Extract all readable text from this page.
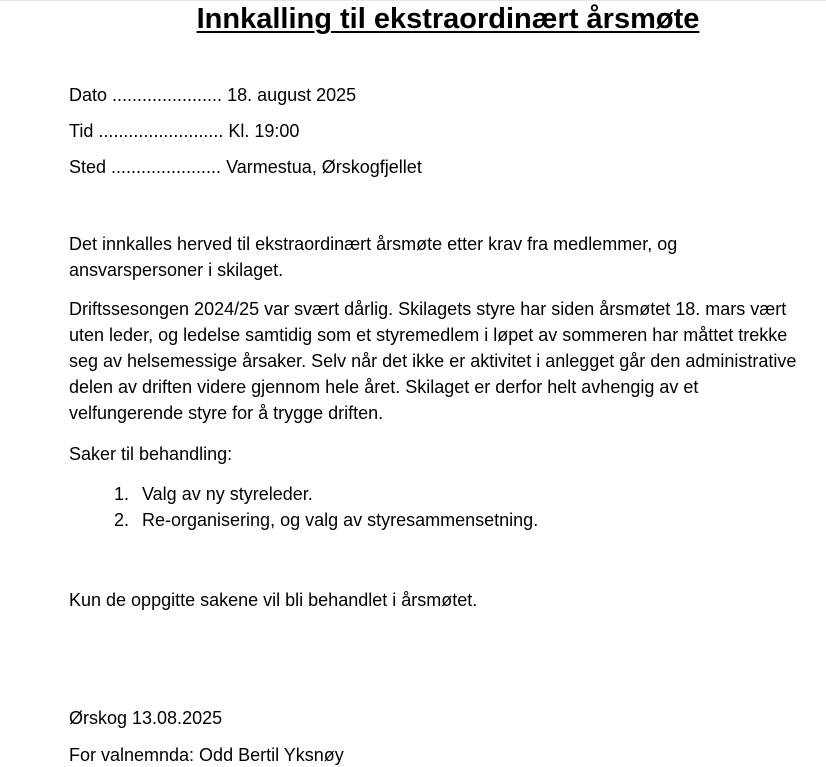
Innkalling til ekstraordinært årsmøte
Dato ...................... 18. august 2025
Tid ......................... Kl. 19:00
Sted ...................... Varmestua, Ørskogfjellet
Det innkalles herved til ekstraordinært årsmøte etter krav fra medlemmer, og ansvarspersoner i skilaget.
Driftssesongen 2024/25 var svært dårlig. Skilagets styre har siden årsmøtet 18. mars vært uten leder, og ledelse samtidig som et styremedlem i løpet av sommeren har måttet trekke seg av helsemessige årsaker. Selv når det ikke er aktivitet i anlegget går den administrative delen av driften videre gjennom hele året. Skilaget er derfor helt avhengig av et velfungerende styre for å trygge driften.
Saker til behandling:
1. Valg av ny styreleder.
2. Re-organisering, og valg av styresammensetning.
Kun de oppgitte sakene vil bli behandlet i årsmøtet.
Ørskog 13.08.2025
For valnemnda: Odd Bertil Yksnøy
